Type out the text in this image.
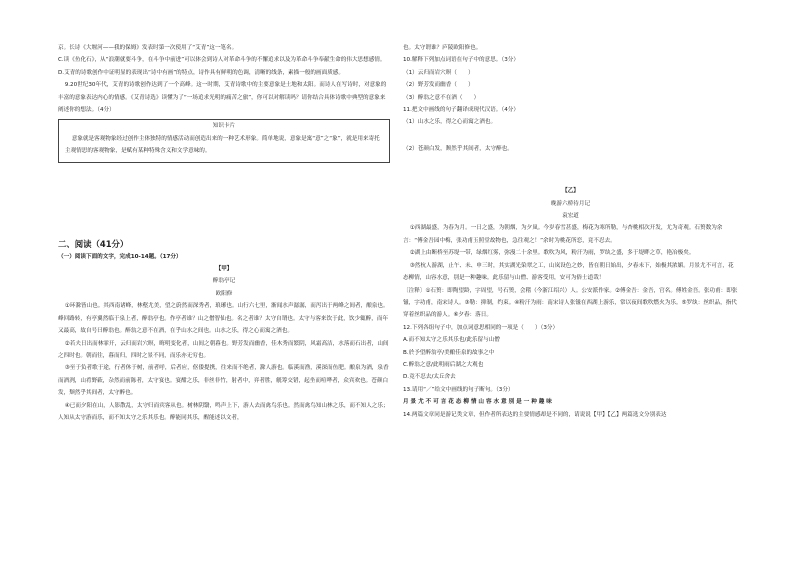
京。长诗《大堰河——我的保姆》发表时第一次使用了“艾青”这一笔名。

C.读《鱼化石》，从“浪潮就要斗争，在斗争中前进”可以体会到诗人对革命斗争的不懈追求以及为革命斗争奉献生命的伟大思想感情。

D.艾青的诗歌创作中证明显的表现出“诗中有画”的特点，诗作具有鲜明的色调，清晰的线条，素描一般的画面质感。

9.20世纪30年代，艾青的诗歌创作达到了一个高峰。这一时期，艾青诗歌中的主要意象是土地和太阳。而诗人在写诗时，对意象的丰富的意象表达内心的情感。《艾青诗选》读懂为了“一场追求光明的痛苦之旅”，你可以对解读吗？请你结合具体诗歌中典型的意象来阐述你的想法。（4分）

知识卡片

意象就是客观物象经过创作主体独特的情感活动而创造出来的一种艺术形象。简单地说，意象是寓“意”之“象”，就是用来寄托主观情思的客观物象，是赋有某种特殊含义和文学意味的。

二、阅读（41分）

（一）阅读下面的文字，完成10-14题。（17分）

【甲】

醉翁亭记

欧阳修

①环滁皆山也。其西南诸峰，林壑尤美，望之蔚然而深秀者，琅琊也。山行六七里，渐闻水声潺潺，而泻出于两峰之间者，酿泉也。峰回路转，有亭翼然临于泉上者，醉翁亭也。作亭者谁？山之僧智仙也。名之者谁？太守自谓也。太守与客来饮于此，饮少辄醉，而年又最高，故自号曰醉翁也。醉翁之意不在酒，在乎山水之间也。山水之乐，得之心而寓之酒也。

②若夫日出而林霏开，云归而岩穴暝，晦明变化者，山间之朝暮也。野芳发而幽香，佳木秀而繁阴，风霜高洁，水落而石出者，山间之四时也。朝而往，暮而归，四时之景不同，而乐亦无穷也。

③至于负者歌于途，行者休于树，前者呼，后者应，伛偻提携，往来而不绝者，滁人游也。临溪而渔，溪深而鱼肥。酿泉为酒，泉香而酒洌，山肴野蔌，杂然而前陈者，太守宴也。宴酣之乐，非丝非竹，射者中，弈者胜，觥筹交错，起坐而喧哗者，众宾欢也。苍颜白发，颓然乎其间者，太守醉也。

④已而夕阳在山，人影散乱，太守归而宾客从也。树林阴翳，鸣声上下，游人去而禽鸟乐也。然而禽鸟知山林之乐，而不知人之乐；人知从太守游而乐，而不知太守之乐其乐也。醉能同其乐，醒能述以文者，

也。太守谓谁？庐陵欧阳修也。

10.解释下列加点词语在句子中的意思。（3分）

（1）云归而岩穴暝（　　）

（2）野芳发而幽香（　　）

（3）醉翁之意不在酒（　　）

11.把文中画线的句子翻译成现代汉语。（4分）

（1）山水之乐，得之心而寓之酒也。

（2）苍颜白发，颓然乎其间者，太守醉也。

【乙】

晚游六桥待月记

袁宏道

①西湖最盛，为春为月。一日之盛，为朝烟，为夕岚。今岁春雪甚盛，梅花为寒所勒，与杏桃相次开发，尤为奇观。石篑数为余言：“傅金吾园中梅，张功甫玉照堂故物也，急往观之！”余时为桃花所恋，竟不忍去。

②湖上由断桥至苏堤一带，绿烟红雾，弥漫二十余里。歌吹为风，粉汗为雨，罗纨之盛，多于堤畔之草，艳冶极矣。

③然杭人游湖，止午、未、申三时，其实湖光染翠之工，山岚设色之妙，皆在朝日始出，夕舂未下，始极其浓媚。月景尤不可言，花态柳情，山容水意，别是一种趣味。此乐留与山僧、游客受用，安可为俗士道哉！

〔注释〕①石篑：即陶望龄，字周望，号石篑，会稽（今浙江绍兴）人。公安派作家。②傅金吾：金吾，官名。傅姓金吾。张功甫：即张镃，字功甫，南宋诗人。③勒：抑制，约束。④粉汗为雨：南宋诗人张镃在西湖上游乐，常以夜间歌吹燃火为乐。⑤罗纨：丝织品，指代穿着丝织品的游人。⑥夕舂：落日。

12.下列各组句子中，加点词意思相同的一项是（　　）（3分）

A.而不知太守之乐其乐也/此乐留与山僧

B.於予望醉翁亭/美酿佳泉的故事之中

C.醉翁之意/此明雨后湖之大观也

D.竟不忍去/太丘舍去

13.请用“／”给文中画线的句子断句。（3分）

月 景 尤 不 可 言 花 态 柳 情 山 容 水 意 别 是 一 种 趣 味

14.两篇文章同是游记类文章，但作者所表达的主要情感却是不同的，请说说【甲】【乙】两篇选文分别表达
